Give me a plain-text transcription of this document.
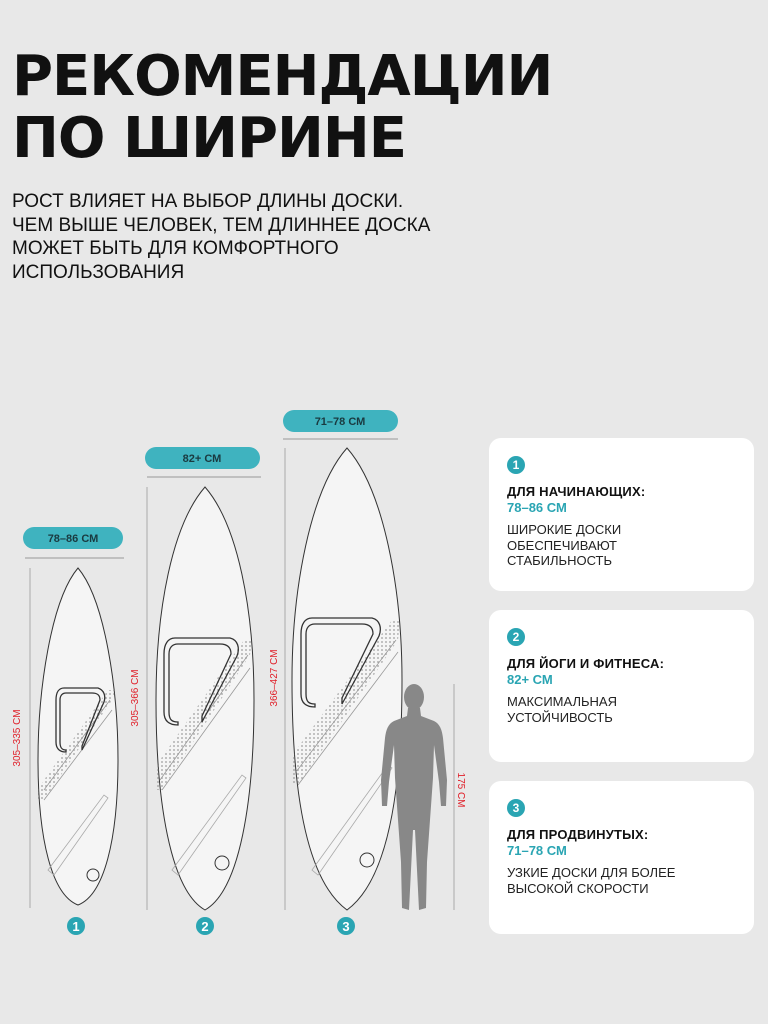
РЕКОМЕНДАЦИИ
ПО ШИРИНЕ
РОСТ ВЛИЯЕТ НА ВЫБОР ДЛИНЫ ДОСКИ.
ЧЕМ ВЫШЕ ЧЕЛОВЕК, ТЕМ ДЛИННЕЕ ДОСКА
МОЖЕТ БЫТЬ ДЛЯ КОМФОРТНОГО
ИСПОЛЬЗОВАНИЯ
78–86 СМ
305–335 СМ
1
82+ СМ
305–366 СМ
2
71–78 СМ
366–427 СМ
3
175 СМ
1
ДЛЯ НАЧИНАЮЩИХ:
78–86 СМ
ШИРОКИЕ ДОСКИ
ОБЕСПЕЧИВАЮТ
СТАБИЛЬНОСТЬ
2
ДЛЯ ЙОГИ И ФИТНЕСА:
82+ СМ
МАКСИМАЛЬНАЯ
УСТОЙЧИВОСТЬ
3
ДЛЯ ПРОДВИНУТЫХ:
71–78 СМ
УЗКИЕ ДОСКИ ДЛЯ БОЛЕЕ
ВЫСОКОЙ СКОРОСТИ
